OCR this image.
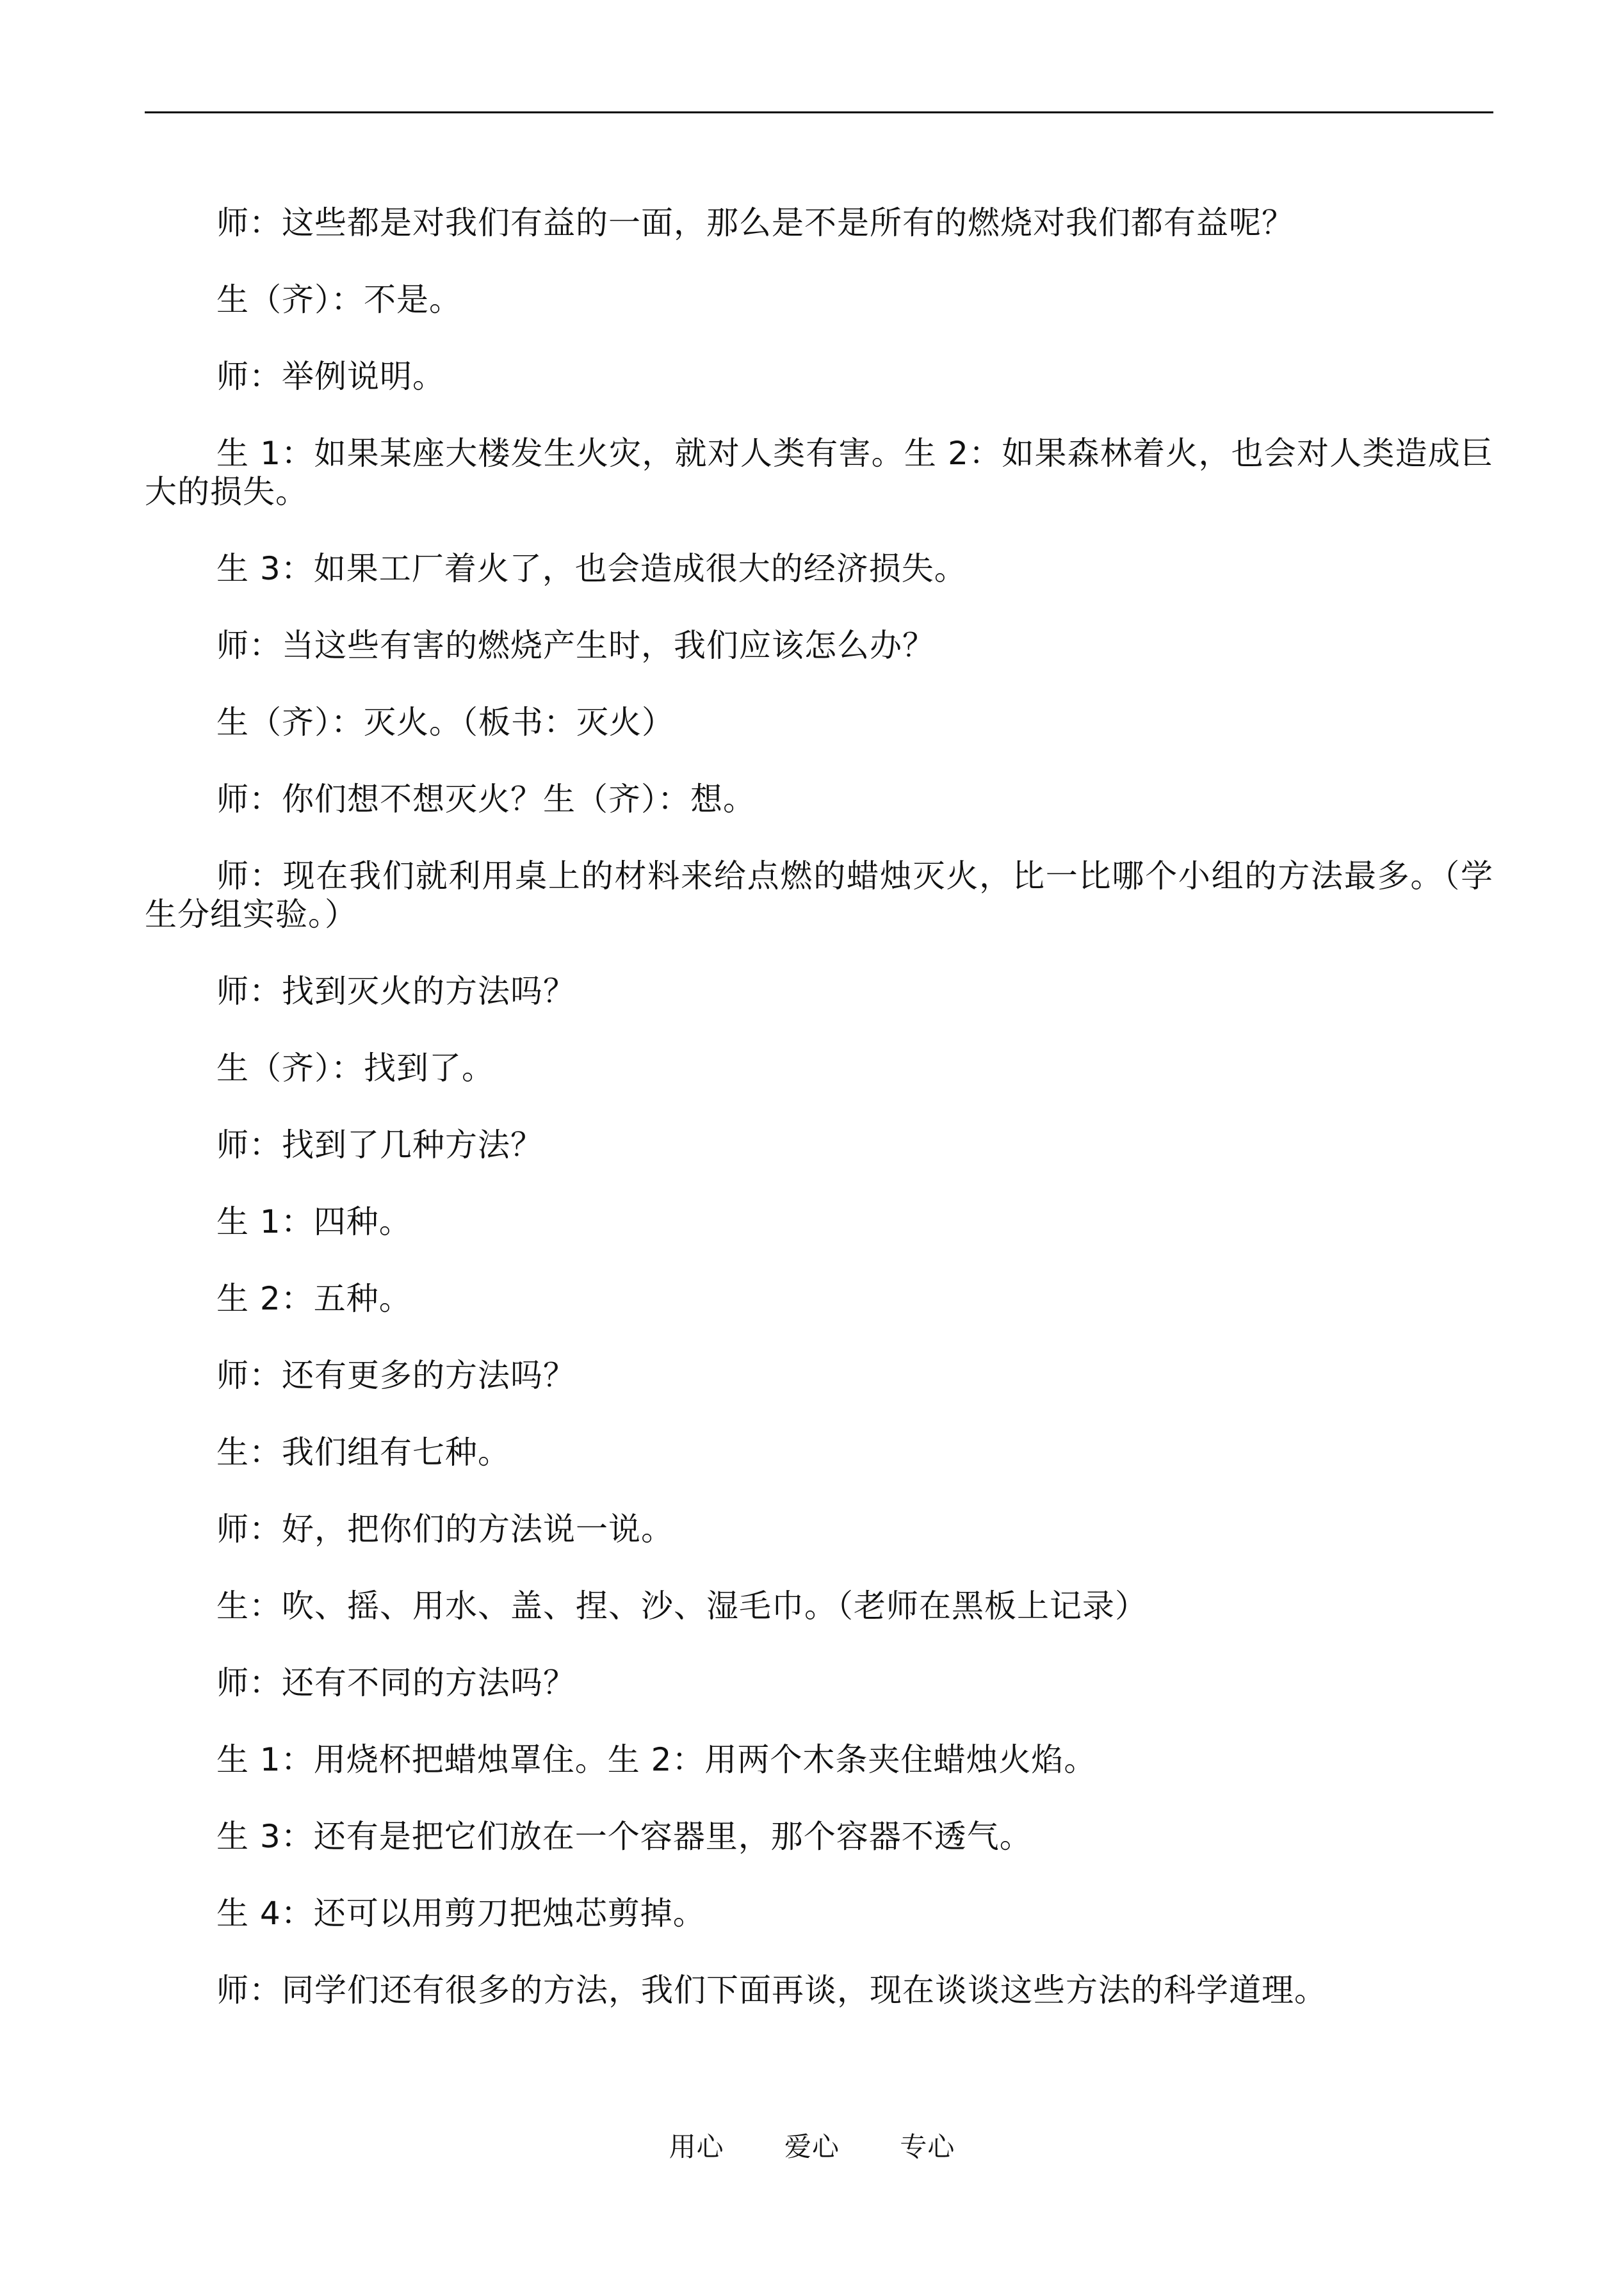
师：这些都是对我们有益的一面，那么是不是所有的燃烧对我们都有益呢？

生（齐）：不是。

师：举例说明。

生 1：如果某座大楼发生火灾，就对人类有害。生 2：如果森林着火，也会对人类造成巨大的损失。

生 3：如果工厂着火了，也会造成很大的经济损失。

师：当这些有害的燃烧产生时，我们应该怎么办？

生（齐）：灭火。（板书：灭火）

师：你们想不想灭火？生（齐）：想。

师：现在我们就利用桌上的材料来给点燃的蜡烛灭火，比一比哪个小组的方法最多。（学生分组实验。）

师：找到灭火的方法吗？

生（齐）：找到了。

师：找到了几种方法？

生 1：四种。

生 2：五种。

师：还有更多的方法吗？

生：我们组有七种。

师：好，把你们的方法说一说。

生：吹、摇、用水、盖、捏、沙、湿毛巾。（老师在黑板上记录）

师：还有不同的方法吗？

生 1：用烧杯把蜡烛罩住。生 2：用两个木条夹住蜡烛火焰。

生 3：还有是把它们放在一个容器里，那个容器不透气。

生 4：还可以用剪刀把烛芯剪掉。

师：同学们还有很多的方法，我们下面再谈，现在谈谈这些方法的科学道理。

用心 爱心 专心
